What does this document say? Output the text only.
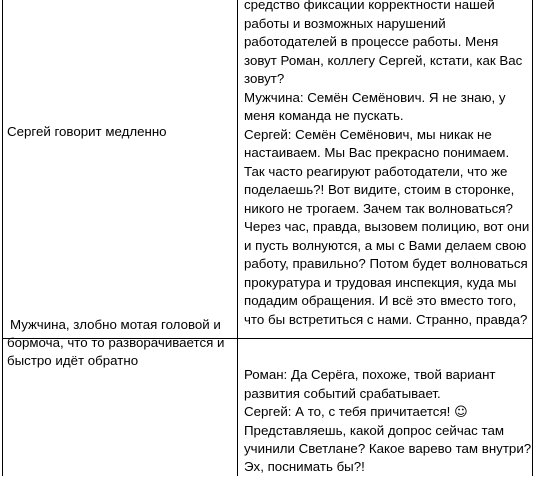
Сергей говорит медленно

Мужчина, злобно мотая головой и

бормоча, что то разворачивается и

быстро идёт обратно

средство фиксации корректности нашей

работы и возможных нарушений

работодателей в процессе работы. Меня

зовут Роман, коллегу Сергей, кстати, как Вас

зовут?

Мужчина: Семён Семёнович. Я не знаю, у

меня команда не пускать.

Сергей: Семён Семёнович, мы никак не

настаиваем. Мы Вас прекрасно понимаем.

Так часто реагируют работодатели, что же

поделаешь?! Вот видите, стоим в сторонке,

никого не трогаем. Зачем так волноваться?

Через час, правда, вызовем полицию, вот они

и пусть волнуются, а мы с Вами делаем свою

работу, правильно? Потом будет волноваться

прокуратура и трудовая инспекция, куда мы

подадим обращения. И всё это вместо того,

что бы встретиться с нами. Странно, правда?

Роман: Да Серёга, похоже, твой вариант

развития событий срабатывает.

Сергей: А то, с тебя причитается! ☺

Представляешь, какой допрос сейчас там

учинили Светлане? Какое варево там внутри?

Эх, поснимать бы?!
